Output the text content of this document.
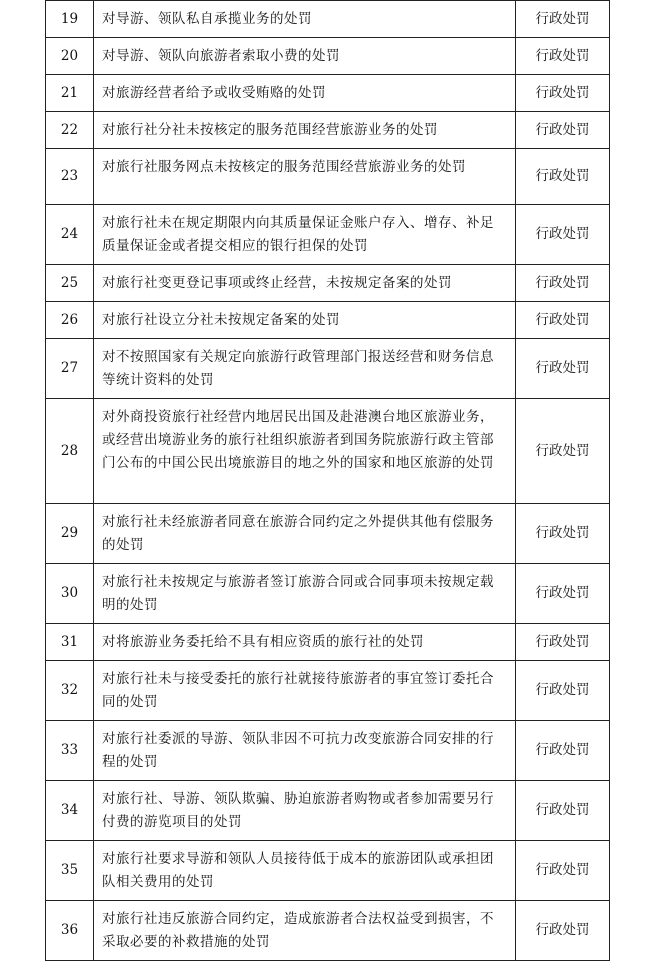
19	对导游、领队私自承揽业务的处罚	行政处罚
20	对导游、领队向旅游者索取小费的处罚	行政处罚
21	对旅游经营者给予或收受贿赂的处罚	行政处罚
22	对旅行社分社未按核定的服务范围经营旅游业务的处罚	行政处罚
23	对旅行社服务网点未按核定的服务范围经营旅游业务的处罚	行政处罚
24	对旅行社未在规定期限内向其质量保证金账户存入、增存、补足质量保证金或者提交相应的银行担保的处罚	行政处罚
25	对旅行社变更登记事项或终止经营，未按规定备案的处罚	行政处罚
26	对旅行社设立分社未按规定备案的处罚	行政处罚
27	对不按照国家有关规定向旅游行政管理部门报送经营和财务信息等统计资料的处罚	行政处罚
28	对外商投资旅行社经营内地居民出国及赴港澳台地区旅游业务，或经营出境游业务的旅行社组织旅游者到国务院旅游行政主管部门公布的中国公民出境旅游目的地之外的国家和地区旅游的处罚	行政处罚
29	对旅行社未经旅游者同意在旅游合同约定之外提供其他有偿服务的处罚	行政处罚
30	对旅行社未按规定与旅游者签订旅游合同或合同事项未按规定载明的处罚	行政处罚
31	对将旅游业务委托给不具有相应资质的旅行社的处罚	行政处罚
32	对旅行社未与接受委托的旅行社就接待旅游者的事宜签订委托合同的处罚	行政处罚
33	对旅行社委派的导游、领队非因不可抗力改变旅游合同安排的行程的处罚	行政处罚
34	对旅行社、导游、领队欺骗、胁迫旅游者购物或者参加需要另行付费的游览项目的处罚	行政处罚
35	对旅行社要求导游和领队人员接待低于成本的旅游团队或承担团队相关费用的处罚	行政处罚
36	对旅行社违反旅游合同约定，造成旅游者合法权益受到损害，不采取必要的补救措施的处罚	行政处罚
